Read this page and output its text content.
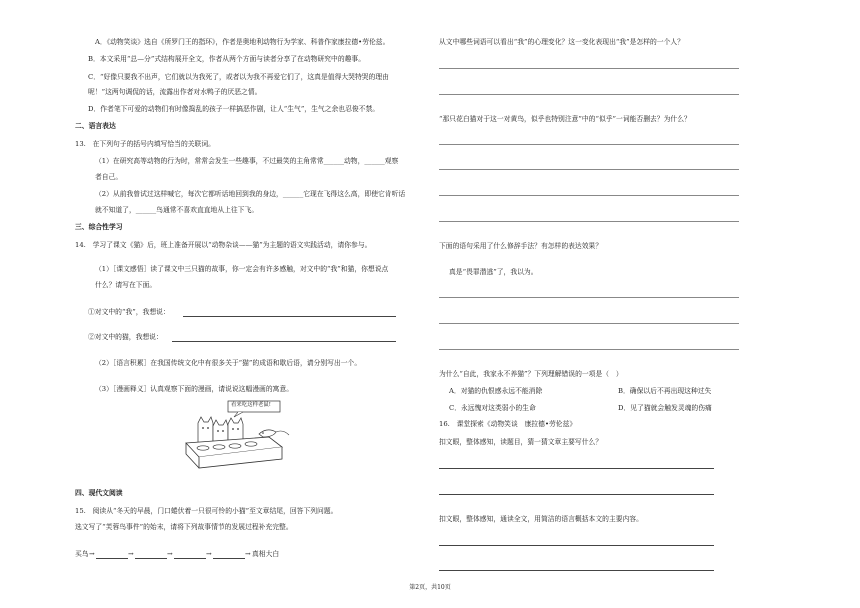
A．《动物笑谈》选自《所罗门王的指环》，作者是奥地利动物行为学家、科普作家康拉德•劳伦兹。
B．本文采用“总—分”式结构展开全文，作者从两个方面与读者分享了在动物研究中的趣事。
C．“好像只要我不出声，它们就以为我死了，或者以为我不再爱它们了，这真是值得大哭特哭的理由
呢！”这两句调侃的话，流露出作者对水鸭子的厌恶之情。
D．作者笔下可爱的动物们有时像捣乱的孩子一样搞恶作剧，让人“生气”，生气之余也忍俊不禁。
二、语言表达
13.　在下列句子的括号内填写恰当的关联词。
（1）在研究高等动物的行为时，常常会发生一些趣事，不过最笑的主角常常______动物，______观察
者自己。
（2）从前我曾试过这样喊它，每次它都听话地回到我的身边，______它现在飞得这么高，即使它肯听话
就不知道了，______鸟通常不喜欢直直地从上往下飞。
三、综合性学习
14.　学习了课文《猫》后，班上准备开展以“动物杂谈——猫”为主题的语文实践活动，请你参与。
（1）［课文感悟］读了课文中三只猫的故事，你一定会有许多感触，对文中的“我”和猫，你想说点
什么？请写在下面。
①对文中的“我”，我想说：
②对文中的猫，我想说：
（2）［语言积累］在我国传统文化中有很多关于“猫”的成语和歇后语，请分别写出一个。
（3）［漫画释义］认真观察下面的漫画，请说说这幅漫画的寓意。
看来吃这样老鼠!
四、现代文阅读
15.　阅读从“冬天的早晨，门口蜷伏着一只很可怜的小猫”至文章结尾，回答下列问题。
选文写了“芙蓉鸟事件”的始末，请将下列故事情节的发展过程补充完整。
买鸟 →	→	→	→	→ 真相大白
从文中哪些词语可以看出“我”的心理变化？这一变化表现出“我”是怎样的一个人？
“那只花白猫对于这一对黄鸟，似乎也特别注意”中的“似乎”一词能否删去？为什么？
下面的语句采用了什么修辞手法？有怎样的表达效果？
真是“畏罪潜逃”了，我以为。
为什么“自此，我家永不养猫”？下列理解错误的一项是（　）
A．对猫的仇恨感永远不能消除	B．确保以后不再出现这种过失
C．永远愧对这类弱小的生命	D．见了猫就会触发灵魂的伤痛
16.　课堂探索《动物笑谈　康拉德•劳伦兹》
扣文眼，整体感知，读题目，猜一猜文章主要写什么？
扣文眼，整体感知，通读全文，用简洁的语言概括本文的主要内容。
第2页，共10页
